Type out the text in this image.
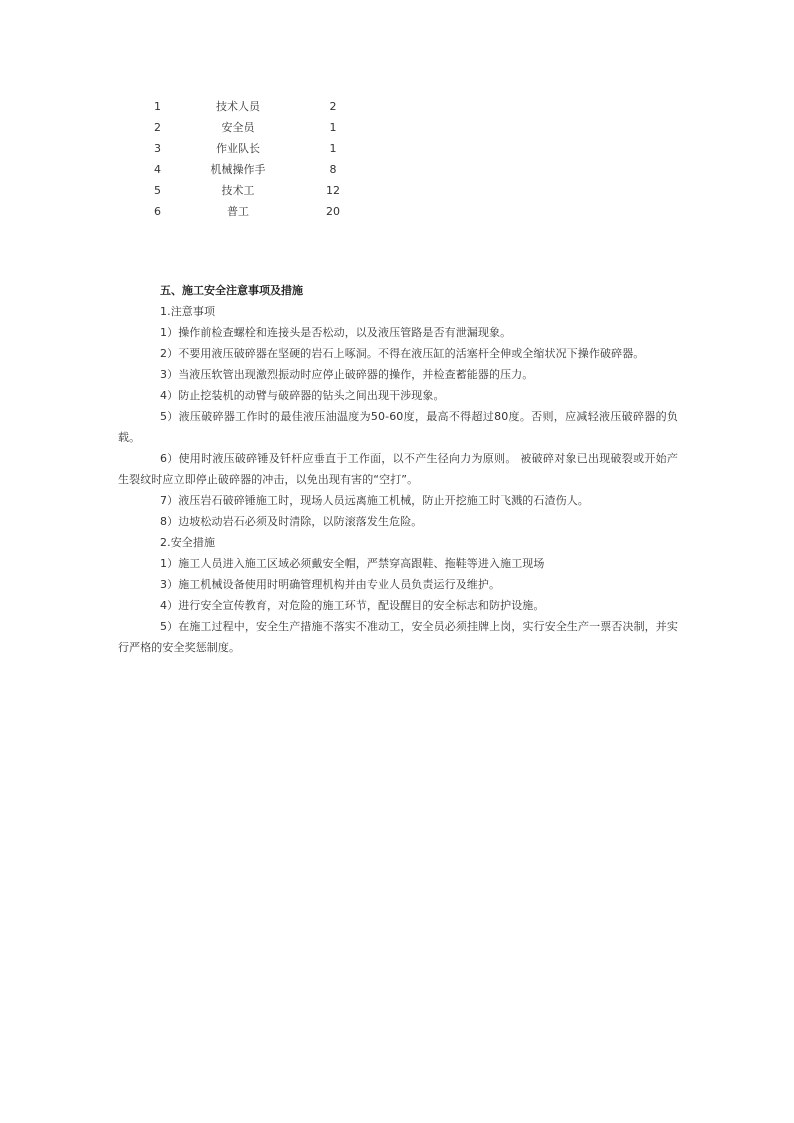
1	技术人员	2
2	安全员	1
3	作业队长	1
4	机械操作手	8
5	技术工	12
6	普工	20
五、施工安全注意事项及措施

1.注意事项

1）操作前检查螺栓和连接头是否松动，以及液压管路是否有泄漏现象。

2）不要用液压破碎器在坚硬的岩石上啄洞。不得在液压缸的活塞杆全伸或全缩状况下操作破碎器。

3）当液压软管出现激烈振动时应停止破碎器的操作，并检查蓄能器的压力。

4）防止挖装机的动臂与破碎器的钻头之间出现干涉现象。

5）液压破碎器工作时的最佳液压油温度为50-60度，最高不得超过80度。否则，应减轻液压破碎器的负载。

6）使用时液压破碎锤及钎杆应垂直于工作面，以不产生径向力为原则。 被破碎对象已出现破裂或开始产生裂纹时应立即停止破碎器的冲击，以免出现有害的“空打”。

7）液压岩石破碎锤施工时，现场人员远离施工机械，防止开挖施工时飞溅的石渣伤人。

8）边坡松动岩石必须及时清除，以防滚落发生危险。

2.安全措施

1）施工人员进入施工区域必须戴安全帽，严禁穿高跟鞋、拖鞋等进入施工现场

3）施工机械设备使用时明确管理机构并由专业人员负责运行及维护。

4）进行安全宣传教育，对危险的施工环节，配设醒目的安全标志和防护设施。

5）在施工过程中，安全生产措施不落实不准动工，安全员必须挂牌上岗，实行安全生产一票否决制，并实行严格的安全奖惩制度。
